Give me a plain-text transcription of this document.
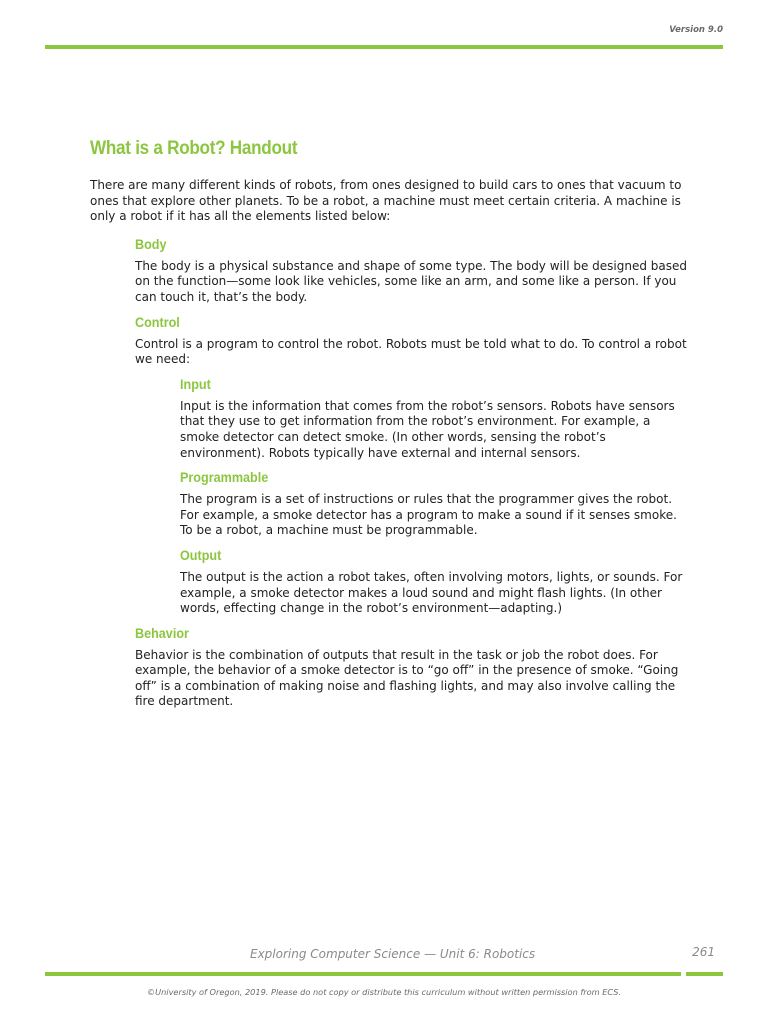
Version 9.0
What is a Robot? Handout

There are many different kinds of robots, from ones designed to build cars to ones that vacuum to ones that explore other planets. To be a robot, a machine must meet certain criteria. A machine is only a robot if it has all the elements listed below:

Body

The body is a physical substance and shape of some type. The body will be designed based on the function—some look like vehicles, some like an arm, and some like a person. If you can touch it, that’s the body.

Control

Control is a program to control the robot. Robots must be told what to do. To control a robot we need:

Input

Input is the information that comes from the robot’s sensors. Robots have sensors that they use to get information from the robot’s environment. For example, a smoke detector can detect smoke. (In other words, sensing the robot’s environment). Robots typically have external and internal sensors.

Programmable

The program is a set of instructions or rules that the programmer gives the robot. For example, a smoke detector has a program to make a sound if it senses smoke. To be a robot, a machine must be programmable.

Output

The output is the action a robot takes, often involving motors, lights, or sounds. For example, a smoke detector makes a loud sound and might flash lights. (In other words, effecting change in the robot’s environment—adapting.)

Behavior

Behavior is the combination of outputs that result in the task or job the robot does. For example, the behavior of a smoke detector is to “go off” in the presence of smoke. “Going off” is a combination of making noise and flashing lights, and may also involve calling the fire department.

Exploring Computer Science — Unit 6: Robotics	261
©University of Oregon, 2019. Please do not copy or distribute this curriculum without written permission from ECS.
